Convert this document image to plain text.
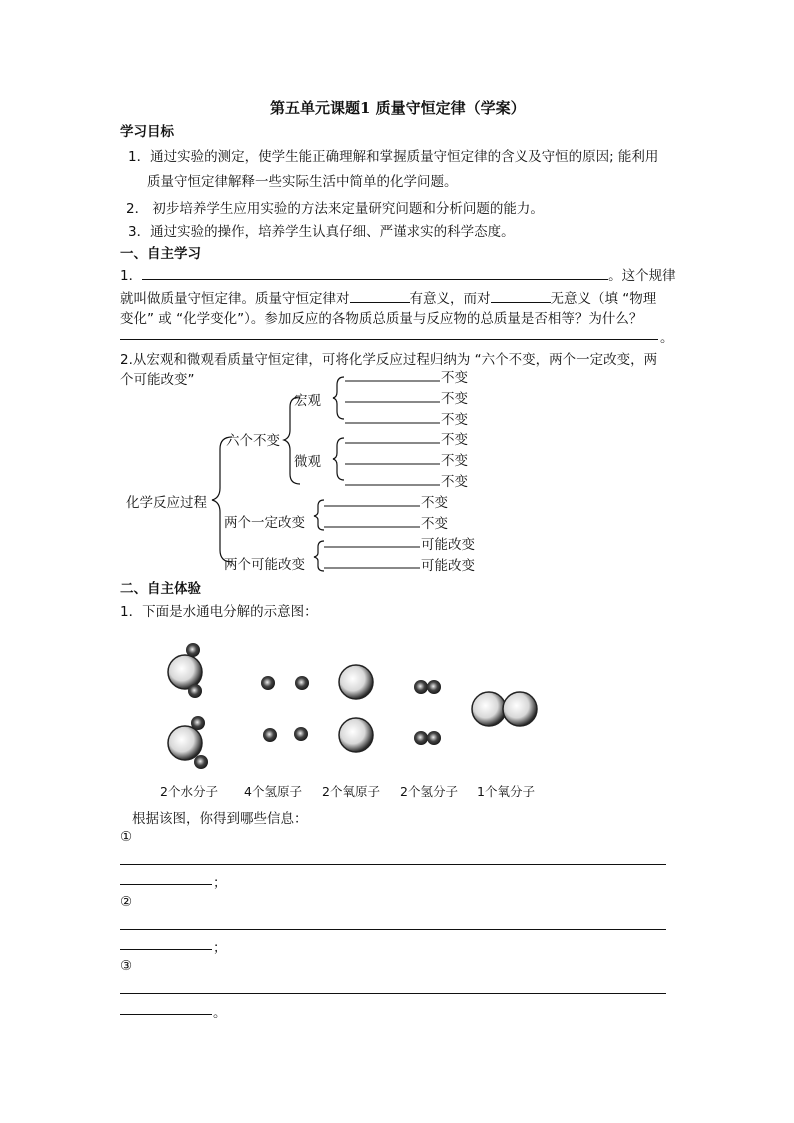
第五单元课题1 质量守恒定律（学案）
学习目标
1．通过实验的测定，使学生能正确理解和掌握质量守恒定律的含义及守恒的原因; 能利用
质量守恒定律解释一些实际生活中简单的化学问题。
2． 初步培养学生应用实验的方法来定量研究问题和分析问题的能力。
3．通过实验的操作，培养学生认真仔细、严谨求实的科学态度。
一、自主学习
1．	。这个规律
就叫做质量守恒定律。质量守恒定律对	有意义，而对	无意义（填 “物理
变化” 或 “化学变化”）。参加反应的各物质总质量与反应物的总质量是否相等？为什么？
。
2.从宏观和微观看质量守恒定律，可将化学反应过程归纳为 “六个不变，两个一定改变，两
个可能改变”
化学反应过程
六个不变
宏观
微观
两个一定改变
两个可能改变
不变
不变
不变
不变
不变
不变
不变
不变
可能改变
可能改变
二、自主体验
1．下面是水通电分解的示意图：
2个水分子 4个氢原子 2个氧原子 2个氢分子 1个氧分子
根据该图，你得到哪些信息：
①
；
②
；
③
。
